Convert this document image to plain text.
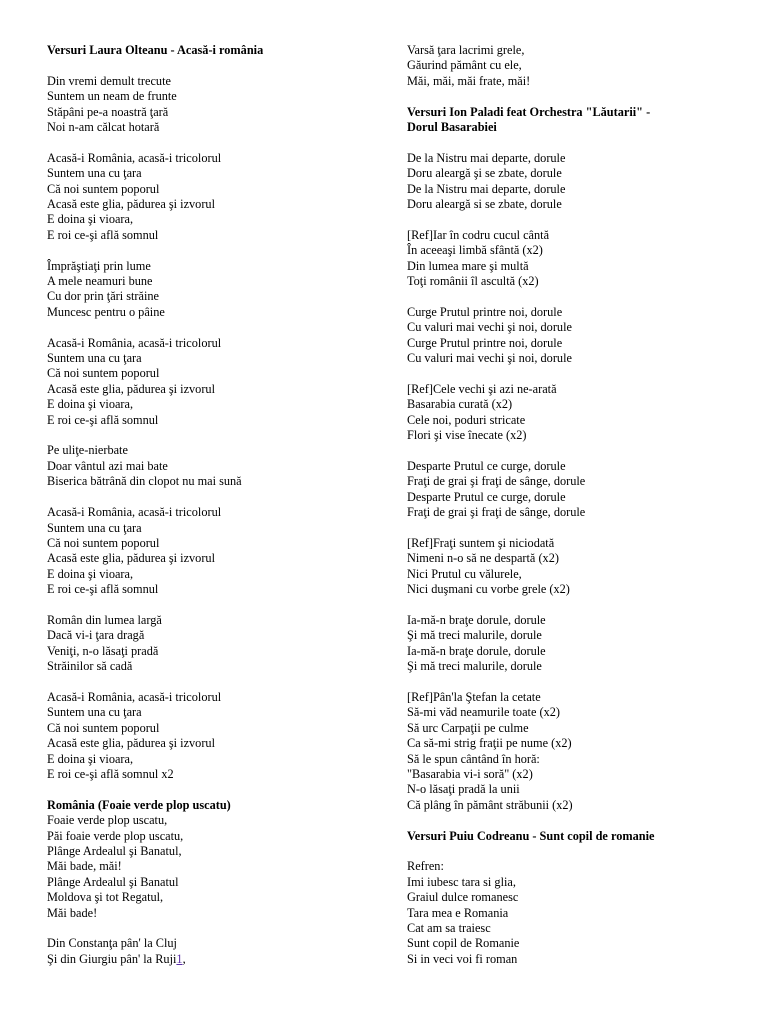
Versuri Laura Olteanu - Acasă-i românia

Din vremi demult trecute
Suntem un neam de frunte
Stăpâni pe-a noastră ţară
Noi n-am călcat hotară
Acasă-i România, acasă-i tricolorul
Suntem una cu ţara
Că noi suntem poporul
Acasă este glia, pădurea şi izvorul
E doina şi vioara,
E roi ce-şi află somnul
Împrăştiaţi prin lume
A mele neamuri bune
Cu dor prin ţări străine
Muncesc pentru o pâine
Acasă-i România, acasă-i tricolorul
Suntem una cu ţara
Că noi suntem poporul
Acasă este glia, pădurea şi izvorul
E doina şi vioara,
E roi ce-şi află somnul
Pe uliţe-nierbate
Doar vântul azi mai bate
Biserica bătrână din clopot nu mai sună
Acasă-i România, acasă-i tricolorul
Suntem una cu ţara
Că noi suntem poporul
Acasă este glia, pădurea şi izvorul
E doina şi vioara,
E roi ce-şi află somnul
Român din lumea largă
Dacă vi-i ţara dragă
Veniţi, n-o lăsaţi pradă
Străinilor să cadă
Acasă-i România, acasă-i tricolorul
Suntem una cu ţara
Că noi suntem poporul
Acasă este glia, pădurea şi izvorul
E doina şi vioara,
E roi ce-şi află somnul x2

România (Foaie verde plop uscatu)

Foaie verde plop uscatu,
Păi foaie verde plop uscatu,
Plânge Ardealul şi Banatul,
Măi bade, măi!
Plânge Ardealul şi Banatul
Moldova şi tot Regatul,
Măi bade!
Din Constanţa pân' la Cluj
Şi din Giurgiu pân' la Ruji1,
Varsă ţara lacrimi grele,
Găurind pământ cu ele,
Măi, măi, măi frate, măi!

Versuri Ion Paladi feat Orchestra "Lăutarii" -
Dorul Basarabiei

De la Nistru mai departe, dorule
Doru aleargă şi se zbate, dorule
De la Nistru mai departe, dorule
Doru aleargă si se zbate, dorule
[Ref]Iar în codru cucul cântă
În aceeaşi limbă sfântă (x2)
Din lumea mare şi multă
Toţi românii îl ascultă (x2)
Curge Prutul printre noi, dorule
Cu valuri mai vechi şi noi, dorule
Curge Prutul printre noi, dorule
Cu valuri mai vechi şi noi, dorule
[Ref]Cele vechi şi azi ne-arată
Basarabia curată (x2)
Cele noi, poduri stricate
Flori şi vise înecate (x2)
Desparte Prutul ce curge, dorule
Fraţi de grai şi fraţi de sânge, dorule
Desparte Prutul ce curge, dorule
Fraţi de grai şi fraţi de sânge, dorule
[Ref]Fraţi suntem şi niciodată
Nimeni n-o să ne despartă (x2)
Nici Prutul cu vălurele,
Nici duşmani cu vorbe grele (x2)
Ia-mă-n braţe dorule, dorule
Şi mă treci malurile, dorule
Ia-mă-n braţe dorule, dorule
Şi mă treci malurile, dorule
[Ref]Pân'la Ştefan la cetate
Să-mi văd neamurile toate (x2)
Să urc Carpaţii pe culme
Ca să-mi strig fraţii pe nume (x2)
Să le spun cântând în horă:
"Basarabia vi-i soră" (x2)
N-o lăsaţi pradă la unii
Că plâng în pământ străbunii (x2)

Versuri Puiu Codreanu - Sunt copil de romanie

Refren:
Imi iubesc tara si glia,
Graiul dulce romanesc
Tara mea e Romania
Cat am sa traiesc
Sunt copil de Romanie
Si in veci voi fi roman
